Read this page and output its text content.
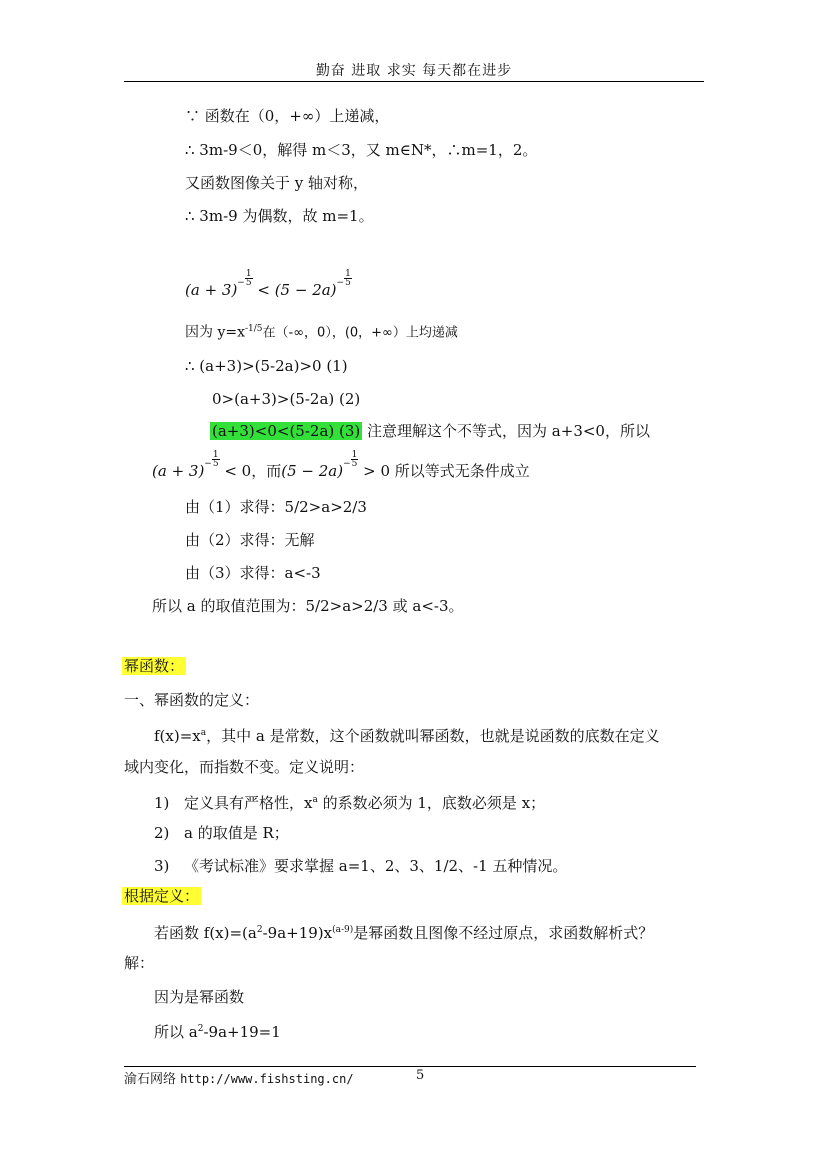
勤奋 进取 求实 每天都在进步
∵ 函数在（0，+∞）上递减，
∴ 3m-9＜0，解得 m＜3，又 m∈N*，∴m=1，2。
又函数图像关于 y 轴对称，
∴ 3m-9 为偶数，故 m=1。
$(a + 3)^{- \frac{1}{5}}$
< $(5 - 2a)^{- \frac{1}{5}}$
因为 $y=x^{-1/5}$在（-∞，0），(0，+∞）上均递减
∴ (a+3)>(5-2a)>0 (1)
0>(a+3)>(5-2a) (2)
(a+3)<0<(5-2a) (3) 注意理解这个不等式，因为 a+3<0，所以
$(a + 3)^{- \frac{1}{5}}$
< 0，而$(5 - 2a)^{- \frac{1}{5}}$
> 0 所以等式无条件成立
由（1）求得：5/2>a>2/3
由（2）求得：无解
由（3）求得：a<-3
所以 a 的取值范围为：5/2>a>2/3 或 a<-3。
幂函数：
一、幂函数的定义：
$f(x)=x^a$，其中 a 是常数，这个函数就叫幂函数，也就是说函数的底数在定义
域内变化，而指数不变。定义说明：
1) 定义具有严格性，$x^a$ 的系数必须为 1，底数必须是 x；
2) a 的取值是 R；
3) 《考试标准》要求掌握 a=1、2、3、1/2、-1 五种情况。
根据定义：
若函数 $f(x)=(a^2-9a+19)x^{(a-9)}$是幂函数且图像不经过原点，求函数解析式？
解：
因为是幂函数
所以 $a^2-9a+19=1$
渝石网络 http://www.fishsting.cn/	5
